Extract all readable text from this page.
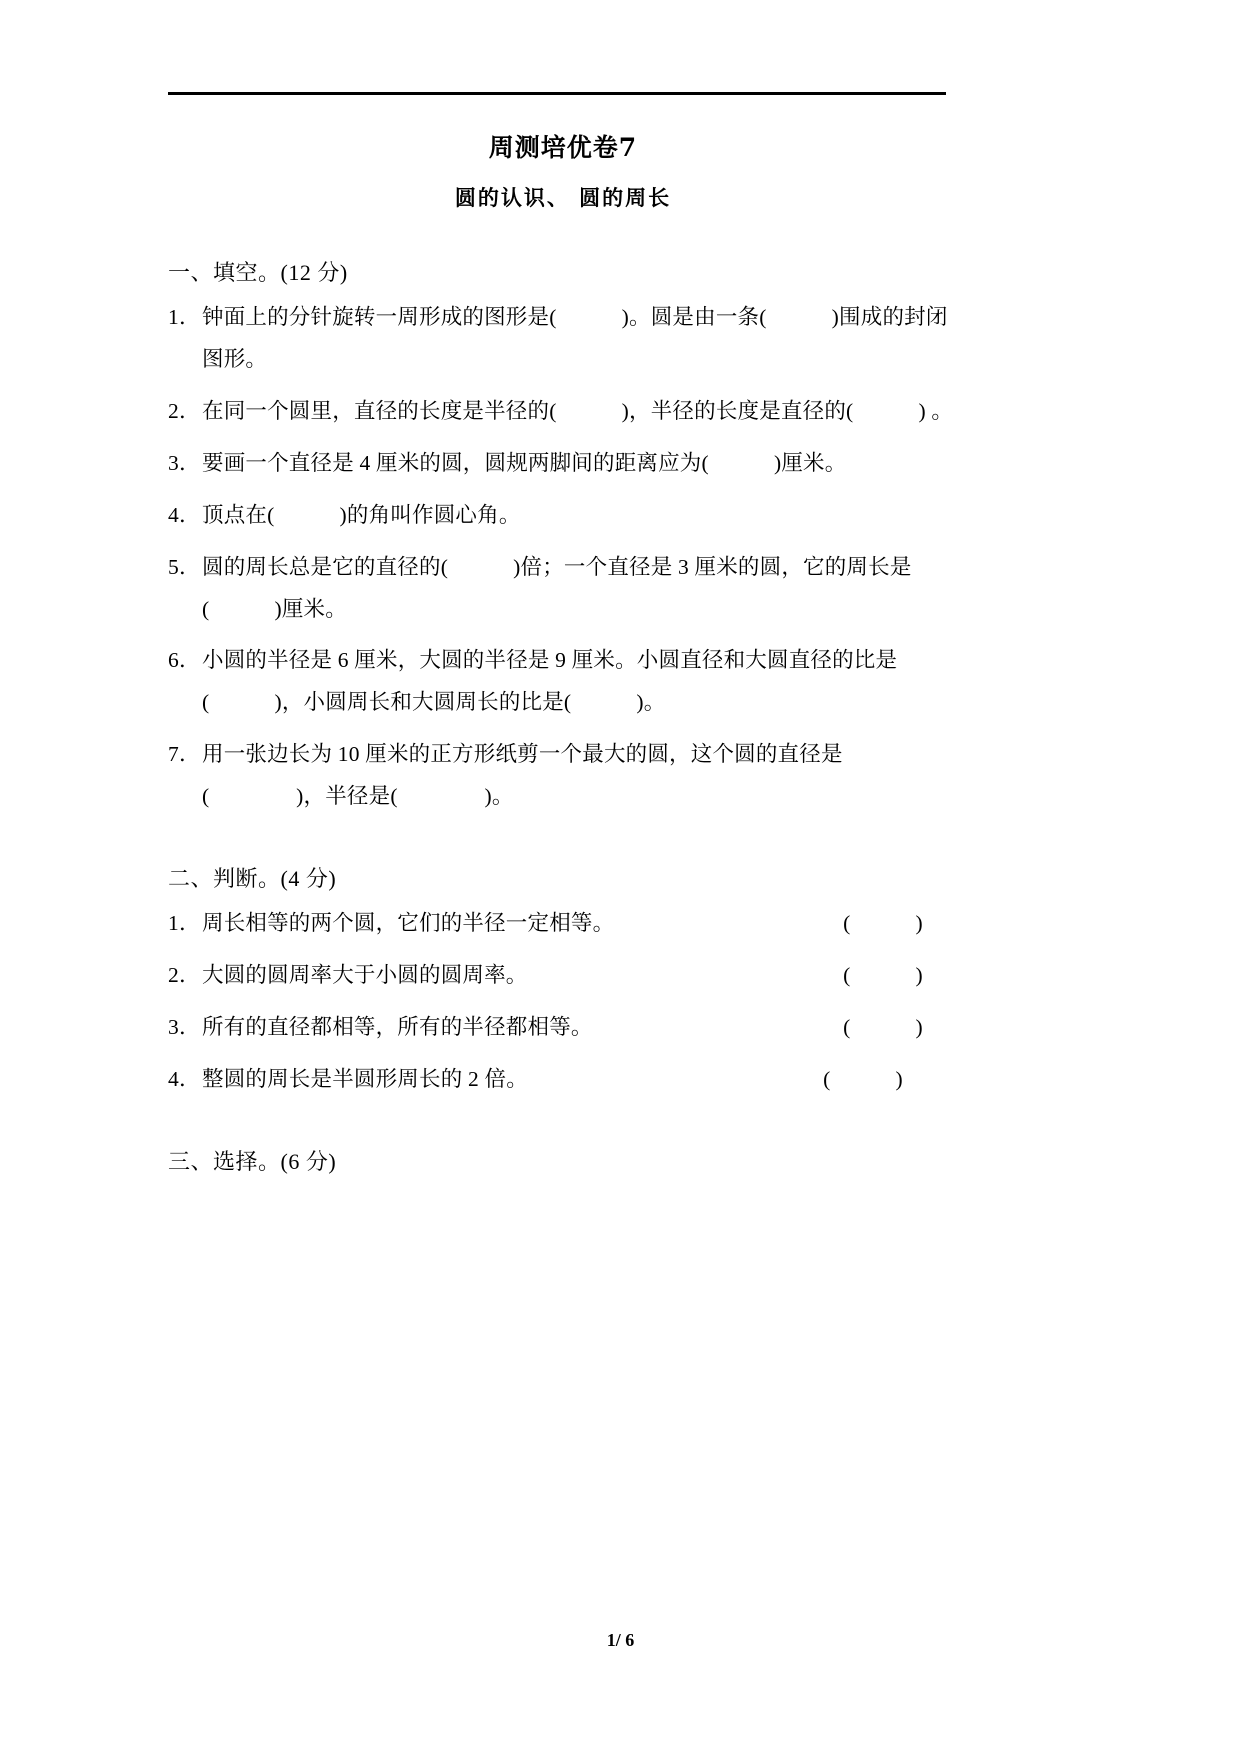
周测培优卷7
圆的认识、 圆的周长
一、填空。(12 分)
1． 钟面上的分针旋转一周形成的图形是(　　　)。圆是由一条(　　　)围成的封闭图形。
2． 在同一个圆里，直径的长度是半径的(　　　)，半径的长度是直径的(　　　) 。
3． 要画一个直径是 4 厘米的圆，圆规两脚间的距离应为(　　　)厘米。
4． 顶点在(　　　)的角叫作圆心角。
5． 圆的周长总是它的直径的(　　　)倍；一个直径是 3 厘米的圆，它的周长是(　　　)厘米。
6． 小圆的半径是 6 厘米，大圆的半径是 9 厘米。小圆直径和大圆直径的比是(　　　)，小圆周长和大圆周长的比是(　　　)。
7． 用一张边长为 10 厘米的正方形纸剪一个最大的圆，这个圆的直径是(　　　　)，半径是(　　　　)。
二、判断。(4 分)
1． 周长相等的两个圆，它们的半径一定相等。	(　　　)
2． 大圆的圆周率大于小圆的圆周率。	(　　　)
3． 所有的直径都相等，所有的半径都相等。	(　　　)
4． 整圆的周长是半圆形周长的 2 倍。	(　　　)
三、选择。(6 分)
1/ 6
